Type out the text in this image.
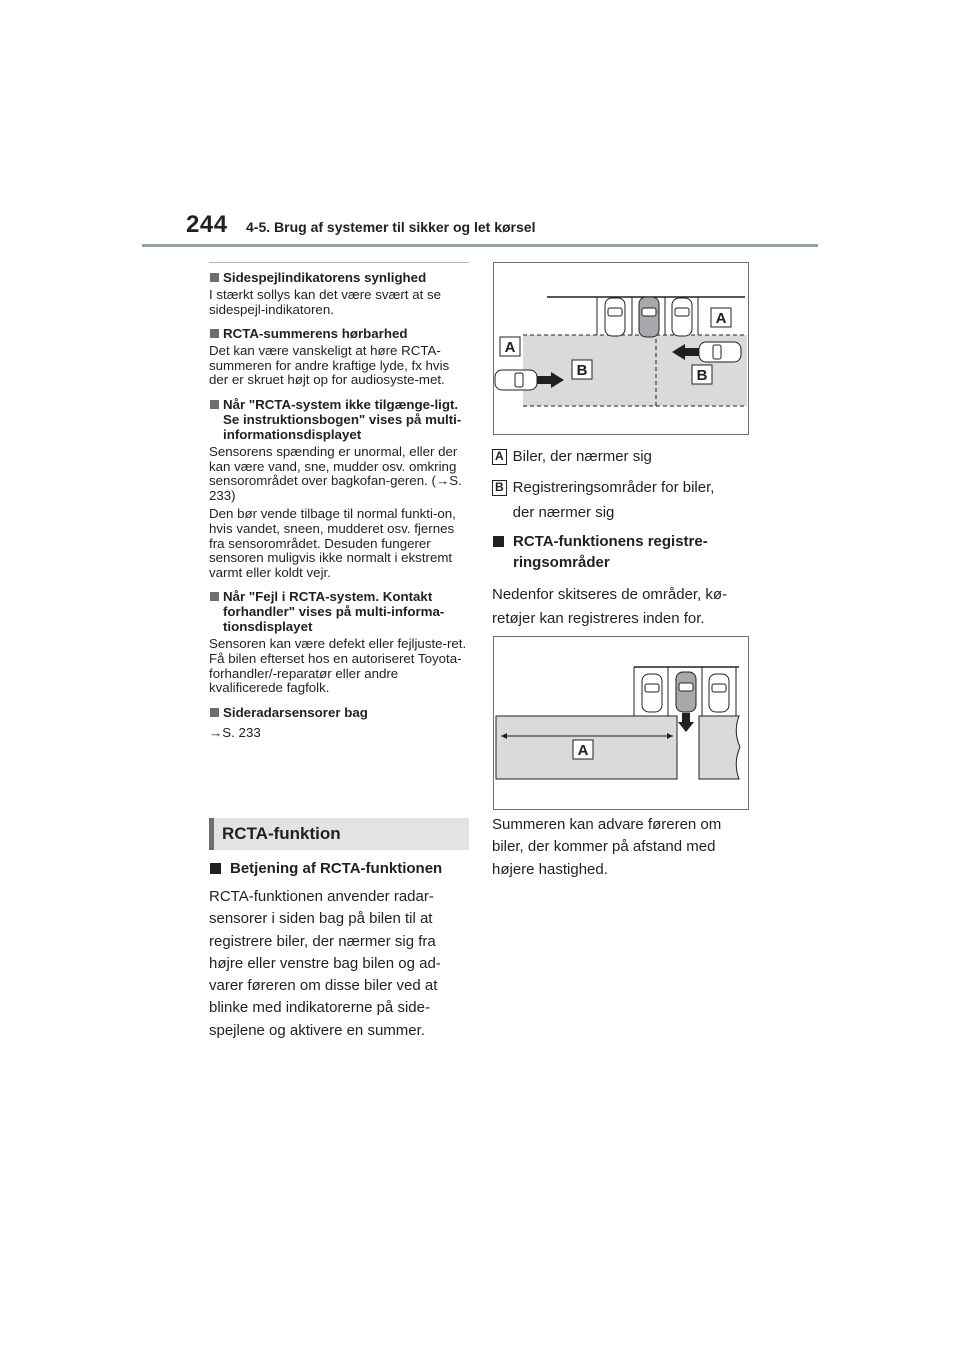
244 4-5. Brug af systemer til sikker og let kørsel
Sidespejlindikatorens synlighed

I stærkt sollys kan det være svært at se sidespejl-indikatoren.

RCTA-summerens hørbarhed

Det kan være vanskeligt at høre RCTA-summeren for andre kraftige lyde, fx hvis der er skruet højt op for audiosyste-met.

Når "RCTA-system ikke tilgænge-ligt. Se instruktionsbogen" vises på multi-informationsdisplayet

Sensorens spænding er unormal, eller der kan være vand, sne, mudder osv. omkring sensorområdet over bagkofan-geren. (→S. 233)

Den bør vende tilbage til normal funkti-on, hvis vandet, sneen, mudderet osv. fjernes fra sensorområdet. Desuden fungerer sensoren muligvis ikke normalt i ekstremt varmt eller koldt vejr.

Når "Fejl i RCTA-system. Kontakt forhandler" vises på multi-informa-tionsdisplayet

Sensoren kan være defekt eller fejljuste-ret. Få bilen efterset hos en autoriseret Toyota-forhandler/-reparatør eller andre kvalificerede fagfolk.

Sideradarsensorer bag

→S. 233

RCTA-funktion
Betjening af RCTA-funktionen
RCTA-funktionen anvender radar-sensorer i siden bag på bilen til at registrere biler, der nærmer sig fra højre eller venstre bag bilen og ad-varer føreren om disse biler ved at blinke med indikatorerne på side-spejlene og aktivere en summer.
A
A
B	B
A Biler, der nærmer sig
B Registreringsområder for biler, der nærmer sig
RCTA-funktionens registre-ringsområder
Nedenfor skitseres de områder, kø-retøjer kan registreres inden for.
A
Summeren kan advare føreren om biler, der kommer på afstand med højere hastighed.
